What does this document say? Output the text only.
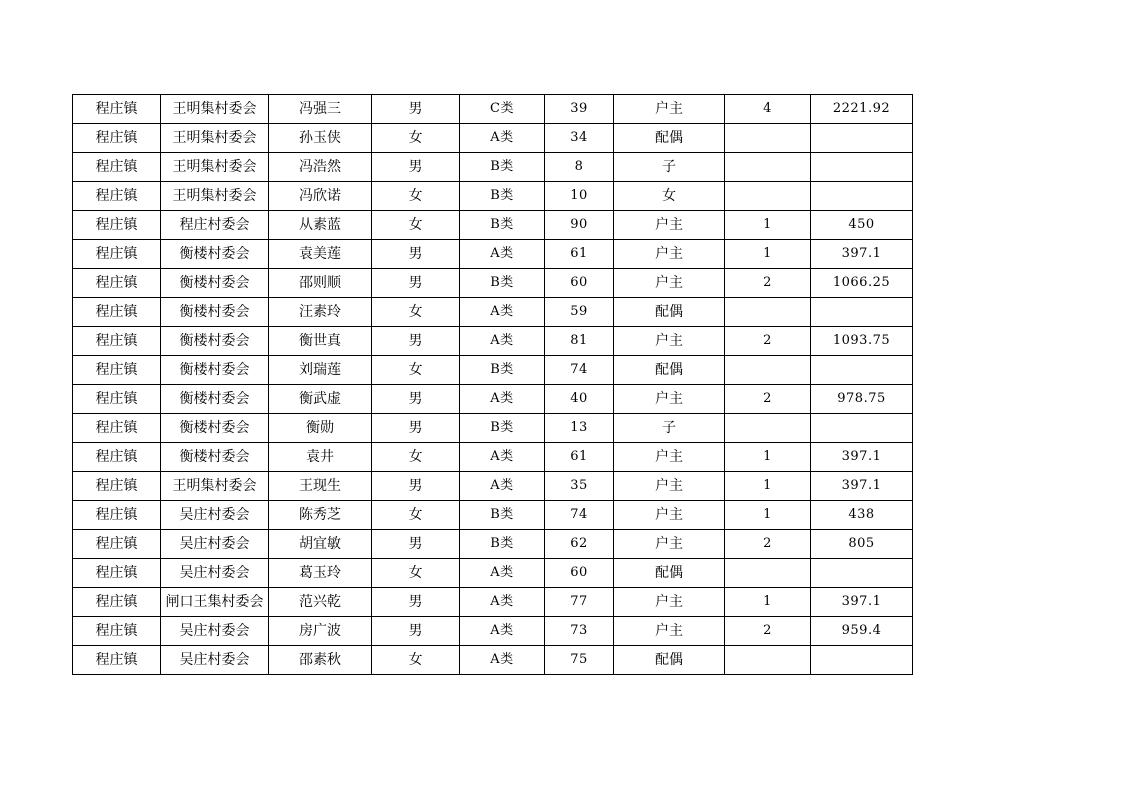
程庄镇	王明集村委会	冯强三	男	C类	39	户主	4	2221.92
程庄镇	王明集村委会	孙玉侠	女	A类	34	配偶		
程庄镇	王明集村委会	冯浩然	男	B类	8	子		
程庄镇	王明集村委会	冯欣诺	女	B类	10	女		
程庄镇	程庄村委会	从素蓝	女	B类	90	户主	1	450
程庄镇	衡楼村委会	袁美莲	男	A类	61	户主	1	397.1
程庄镇	衡楼村委会	邵则顺	男	B类	60	户主	2	1066.25
程庄镇	衡楼村委会	汪素玲	女	A类	59	配偶		
程庄镇	衡楼村委会	衡世真	男	A类	81	户主	2	1093.75
程庄镇	衡楼村委会	刘瑞莲	女	B类	74	配偶		
程庄镇	衡楼村委会	衡武虚	男	A类	40	户主	2	978.75
程庄镇	衡楼村委会	衡勋	男	B类	13	子		
程庄镇	衡楼村委会	袁井	女	A类	61	户主	1	397.1
程庄镇	王明集村委会	王现生	男	A类	35	户主	1	397.1
程庄镇	吴庄村委会	陈秀芝	女	B类	74	户主	1	438
程庄镇	吴庄村委会	胡宜敏	男	B类	62	户主	2	805
程庄镇	吴庄村委会	葛玉玲	女	A类	60	配偶		
程庄镇	闸口王集村委会	范兴乾	男	A类	77	户主	1	397.1
程庄镇	吴庄村委会	房广波	男	A类	73	户主	2	959.4
程庄镇	吴庄村委会	邵素秋	女	A类	75	配偶		
